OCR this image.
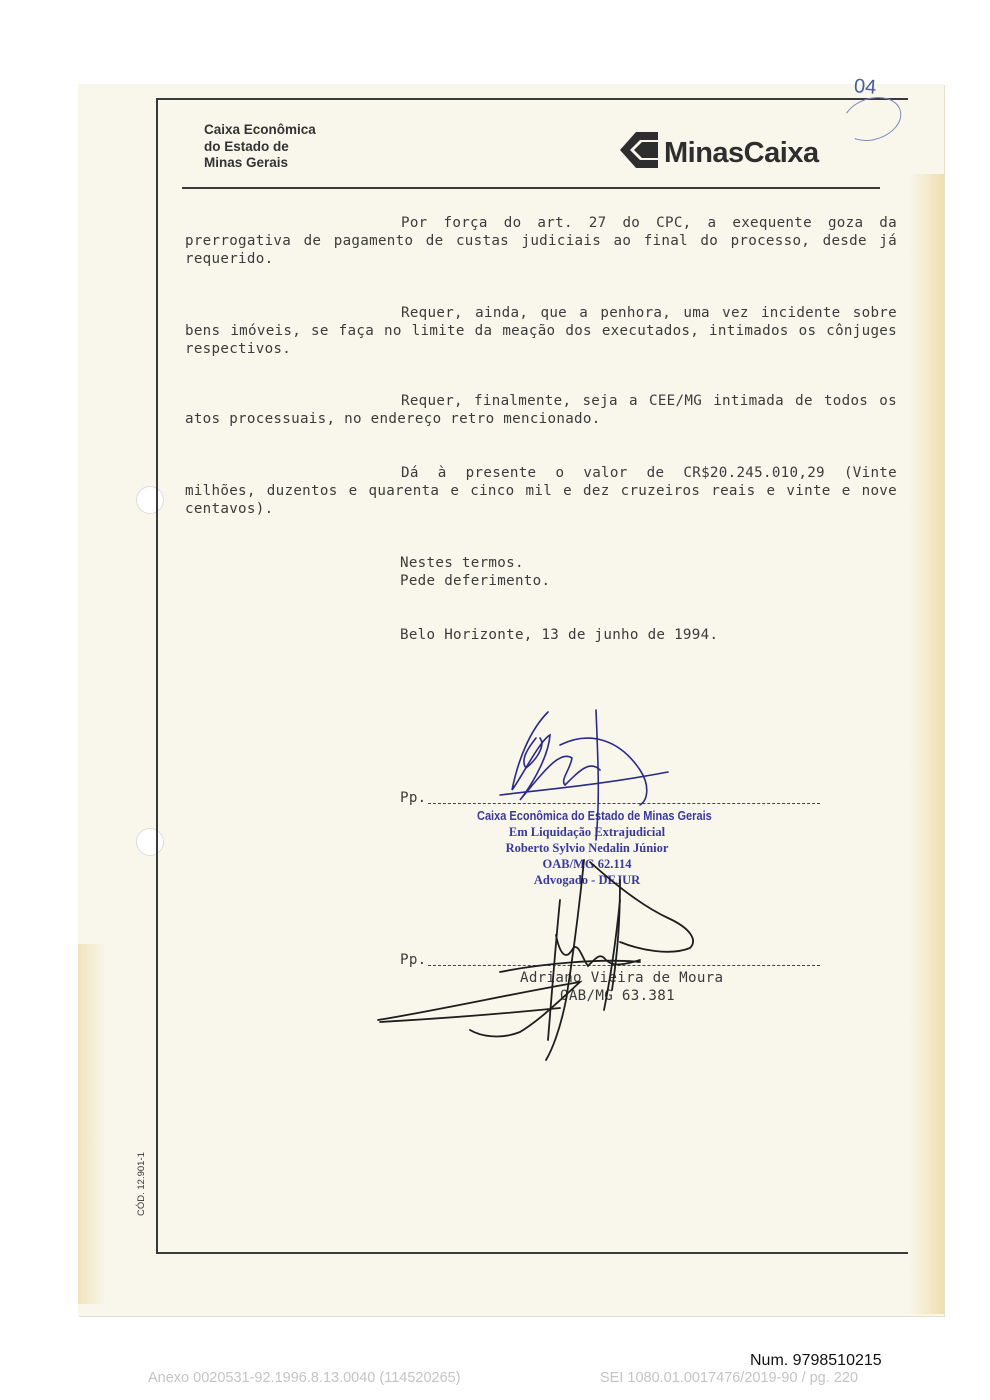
Caixa Econômica
do Estado de
Minas Gerais	MinasCaixa
04
Por força do art. 27 do CPC, a exequente goza da prerrogativa de pagamento de custas judiciais ao final do processo, desde já requerido.
Requer, ainda, que a penhora, uma vez incidente sobre bens imóveis, se faça no limite da meação dos executados, intimados os cônjuges respectivos.
Requer, finalmente, seja a CEE/MG intimada de todos os atos processuais, no endereço retro mencionado.
Dá à presente o valor de CR$20.245.010,29 (Vinte milhões, duzentos e quarenta e cinco mil e dez cruzeiros reais e vinte e nove centavos).
Nestes termos.
Pede deferimento.
Belo Horizonte, 13 de junho de 1994.
Pp.
Caixa Econômica do Estado de Minas Gerais
Em Liquidação Extrajudicial
Roberto Sylvio Nedalin Júnior
OAB/MG 62.114
Advogado - DEJUR
Pp.
Adriano Vieira de Moura
OAB/MG 63.381
CÓD. 12.901-1
Num. 9798510215
Anexo 0020531-92.1996.8.13.0040 (114520265)	SEI 1080.01.0017476/2019-90 / pg. 220
